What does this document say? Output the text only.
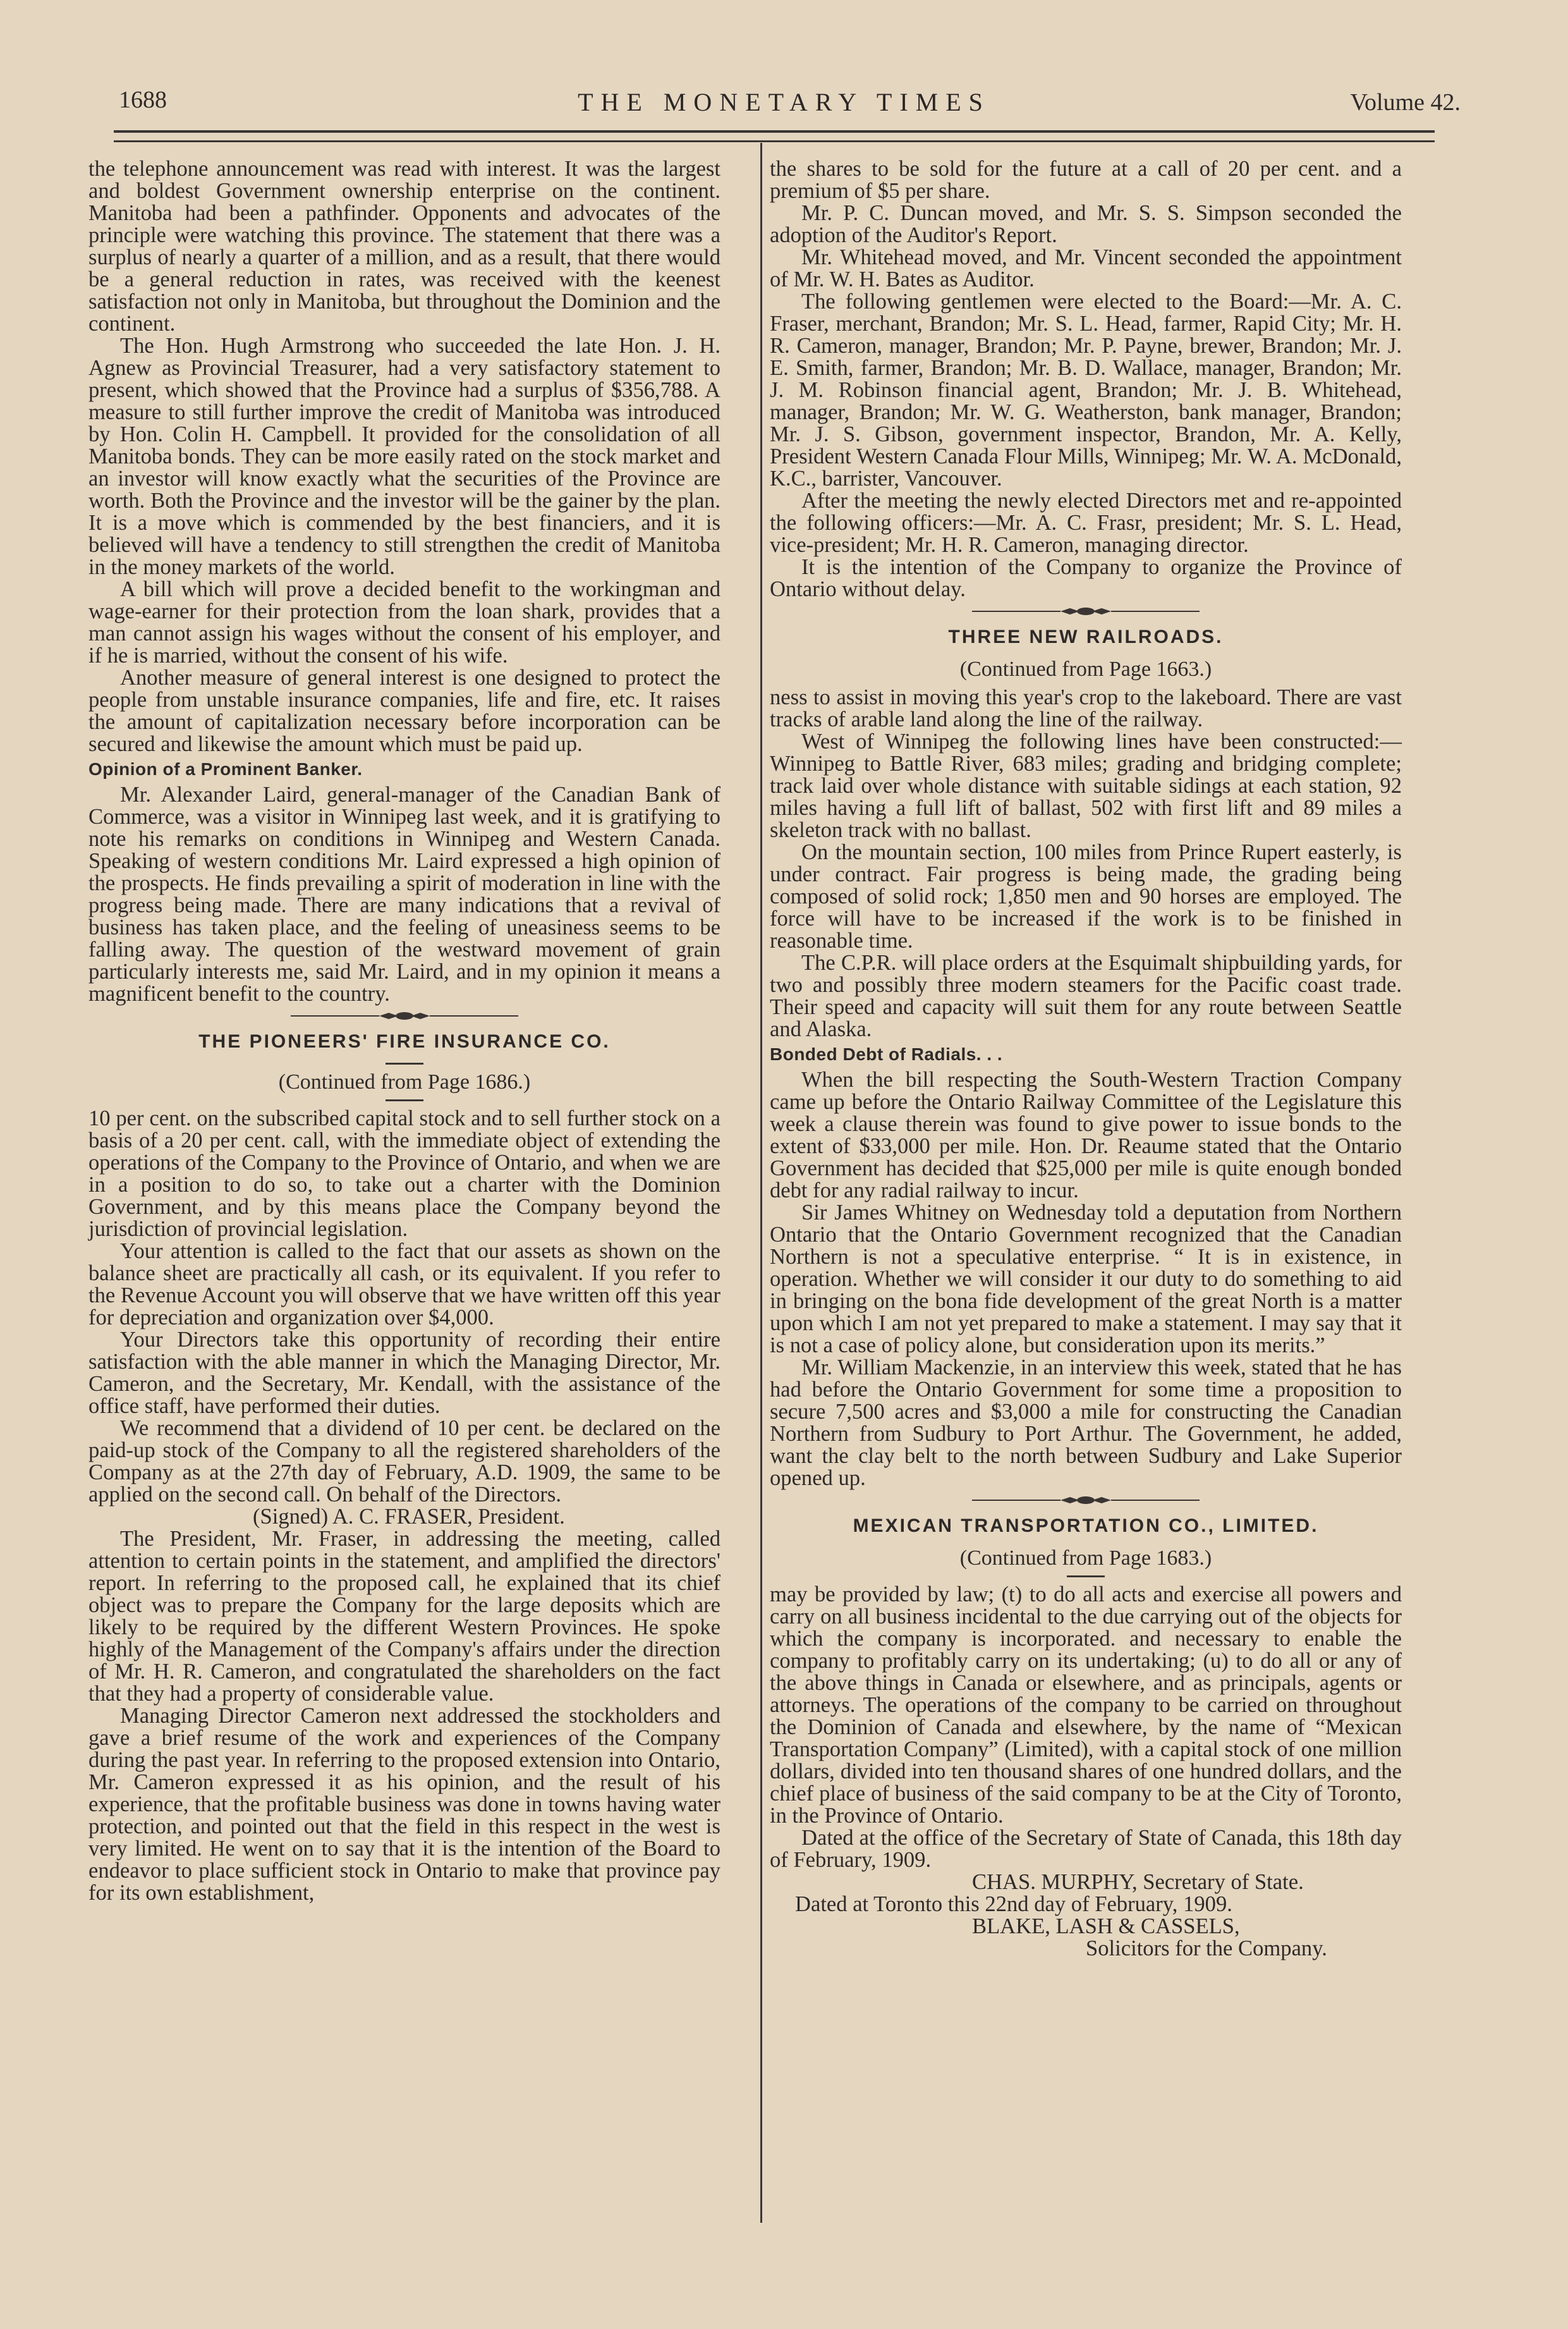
1688	THE MONETARY TIMES	Volume 42.

the telephone announcement was read with interest. It was the largest and boldest Government ownership enterprise on the continent. Manitoba had been a pathfinder. Opponents and advocates of the principle were watching this province. The statement that there was a surplus of nearly a quarter of a million, and as a result, that there would be a general reduction in rates, was received with the keenest satisfaction not only in Manitoba, but throughout the Dominion and the continent.

The Hon. Hugh Armstrong who succeeded the late Hon. J. H. Agnew as Provincial Treasurer, had a very satisfactory statement to present, which showed that the Province had a surplus of $356,788. A measure to still further improve the credit of Manitoba was introduced by Hon. Colin H. Campbell. It provided for the consolidation of all Manitoba bonds. They can be more easily rated on the stock market and an investor will know exactly what the securities of the Province are worth. Both the Province and the investor will be the gainer by the plan. It is a move which is commended by the best financiers, and it is believed will have a tendency to still strengthen the credit of Manitoba in the money markets of the world.

A bill which will prove a decided benefit to the workingman and wage-earner for their protection from the loan shark, provides that a man cannot assign his wages without the consent of his employer, and if he is married, without the consent of his wife.

Another measure of general interest is one designed to protect the people from unstable insurance companies, life and fire, etc. It raises the amount of capitalization necessary before incorporation can be secured and likewise the amount which must be paid up.

Opinion of a Prominent Banker.

Mr. Alexander Laird, general-manager of the Canadian Bank of Commerce, was a visitor in Winnipeg last week, and it is gratifying to note his remarks on conditions in Winnipeg and Western Canada. Speaking of western conditions Mr. Laird expressed a high opinion of the prospects. He finds prevailing a spirit of moderation in line with the progress being made. There are many indications that a revival of business has taken place, and the feeling of uneasiness seems to be falling away. The question of the westward movement of grain particularly interests me, said Mr. Laird, and in my opinion it means a magnificent benefit to the country.

THE PIONEERS' FIRE INSURANCE CO.
(Continued from Page 1686.)

10 per cent. on the subscribed capital stock and to sell further stock on a basis of a 20 per cent. call, with the immediate object of extending the operations of the Company to the Province of Ontario, and when we are in a position to do so, to take out a charter with the Dominion Government, and by this means place the Company beyond the jurisdiction of provincial legislation.

Your attention is called to the fact that our assets as shown on the balance sheet are practically all cash, or its equivalent. If you refer to the Revenue Account you will observe that we have written off this year for depreciation and organization over $4,000.

Your Directors take this opportunity of recording their entire satisfaction with the able manner in which the Managing Director, Mr. Cameron, and the Secretary, Mr. Kendall, with the assistance of the office staff, have performed their duties.

We recommend that a dividend of 10 per cent. be declared on the paid-up stock of the Company to all the registered shareholders of the Company as at the 27th day of February, A.D. 1909, the same to be applied on the second call. On behalf of the Directors.

(Signed) A. C. FRASER, President.

The President, Mr. Fraser, in addressing the meeting, called attention to certain points in the statement, and amplified the directors' report. In referring to the proposed call, he explained that its chief object was to prepare the Company for the large deposits which are likely to be required by the different Western Provinces. He spoke highly of the Management of the Company's affairs under the direction of Mr. H. R. Cameron, and congratulated the shareholders on the fact that they had a property of considerable value.

Managing Director Cameron next addressed the stockholders and gave a brief resume of the work and experiences of the Company during the past year. In referring to the proposed extension into Ontario, Mr. Cameron expressed it as his opinion, and the result of his experience, that the profitable business was done in towns having water protection, and pointed out that the field in this respect in the west is very limited. He went on to say that it is the intention of the Board to endeavor to place sufficient stock in Ontario to make that province pay for its own establishment,

the shares to be sold for the future at a call of 20 per cent. and a premium of $5 per share.

Mr. P. C. Duncan moved, and Mr. S. S. Simpson seconded the adoption of the Auditor's Report.

Mr. Whitehead moved, and Mr. Vincent seconded the appointment of Mr. W. H. Bates as Auditor.

The following gentlemen were elected to the Board:—Mr. A. C. Fraser, merchant, Brandon; Mr. S. L. Head, farmer, Rapid City; Mr. H. R. Cameron, manager, Brandon; Mr. P. Payne, brewer, Brandon; Mr. J. E. Smith, farmer, Brandon; Mr. B. D. Wallace, manager, Brandon; Mr. J. M. Robinson financial agent, Brandon; Mr. J. B. Whitehead, manager, Brandon; Mr. W. G. Weatherston, bank manager, Brandon; Mr. J. S. Gibson, government inspector, Brandon, Mr. A. Kelly, President Western Canada Flour Mills, Winnipeg; Mr. W. A. McDonald, K.C., barrister, Vancouver.

After the meeting the newly elected Directors met and re-appointed the following officers:—Mr. A. C. Frasr, president; Mr. S. L. Head, vice-president; Mr. H. R. Cameron, managing director.

It is the intention of the Company to organize the Province of Ontario without delay.

THREE NEW RAILROADS.
(Continued from Page 1663.)

ness to assist in moving this year's crop to the lakeboard. There are vast tracks of arable land along the line of the railway.

West of Winnipeg the following lines have been constructed:—Winnipeg to Battle River, 683 miles; grading and bridging complete; track laid over whole distance with suitable sidings at each station, 92 miles having a full lift of ballast, 502 with first lift and 89 miles a skeleton track with no ballast.

On the mountain section, 100 miles from Prince Rupert easterly, is under contract. Fair progress is being made, the grading being composed of solid rock; 1,850 men and 90 horses are employed. The force will have to be increased if the work is to be finished in reasonable time.

The C.P.R. will place orders at the Esquimalt shipbuilding yards, for two and possibly three modern steamers for the Pacific coast trade. Their speed and capacity will suit them for any route between Seattle and Alaska.

Bonded Debt of Radials. . .

When the bill respecting the South-Western Traction Company came up before the Ontario Railway Committee of the Legislature this week a clause therein was found to give power to issue bonds to the extent of $33,000 per mile. Hon. Dr. Reaume stated that the Ontario Government has decided that $25,000 per mile is quite enough bonded debt for any radial railway to incur.

Sir James Whitney on Wednesday told a deputation from Northern Ontario that the Ontario Government recognized that the Canadian Northern is not a speculative enterprise. “ It is in existence, in operation. Whether we will consider it our duty to do something to aid in bringing on the bona fide development of the great North is a matter upon which I am not yet prepared to make a statement. I may say that it is not a case of policy alone, but consideration upon its merits.”

Mr. William Mackenzie, in an interview this week, stated that he has had before the Ontario Government for some time a proposition to secure 7,500 acres and $3,000 a mile for constructing the Canadian Northern from Sudbury to Port Arthur. The Government, he added, want the clay belt to the north between Sudbury and Lake Superior opened up.

MEXICAN TRANSPORTATION CO., LIMITED.
(Continued from Page 1683.)

may be provided by law; (t) to do all acts and exercise all powers and carry on all business incidental to the due carrying out of the objects for which the company is incorporated. and necessary to enable the company to profitably carry on its undertaking; (u) to do all or any of the above things in Canada or elsewhere, and as principals, agents or attorneys. The operations of the company to be carried on throughout the Dominion of Canada and elsewhere, by the name of “Mexican Transportation Company” (Limited), with a capital stock of one million dollars, divided into ten thousand shares of one hundred dollars, and the chief place of business of the said company to be at the City of Toronto, in the Province of Ontario.

Dated at the office of the Secretary of State of Canada, this 18th day of February, 1909.

CHAS. MURPHY, Secretary of State.

Dated at Toronto this 22nd day of February, 1909.

BLAKE, LASH & CASSELS,

Solicitors for the Company.
